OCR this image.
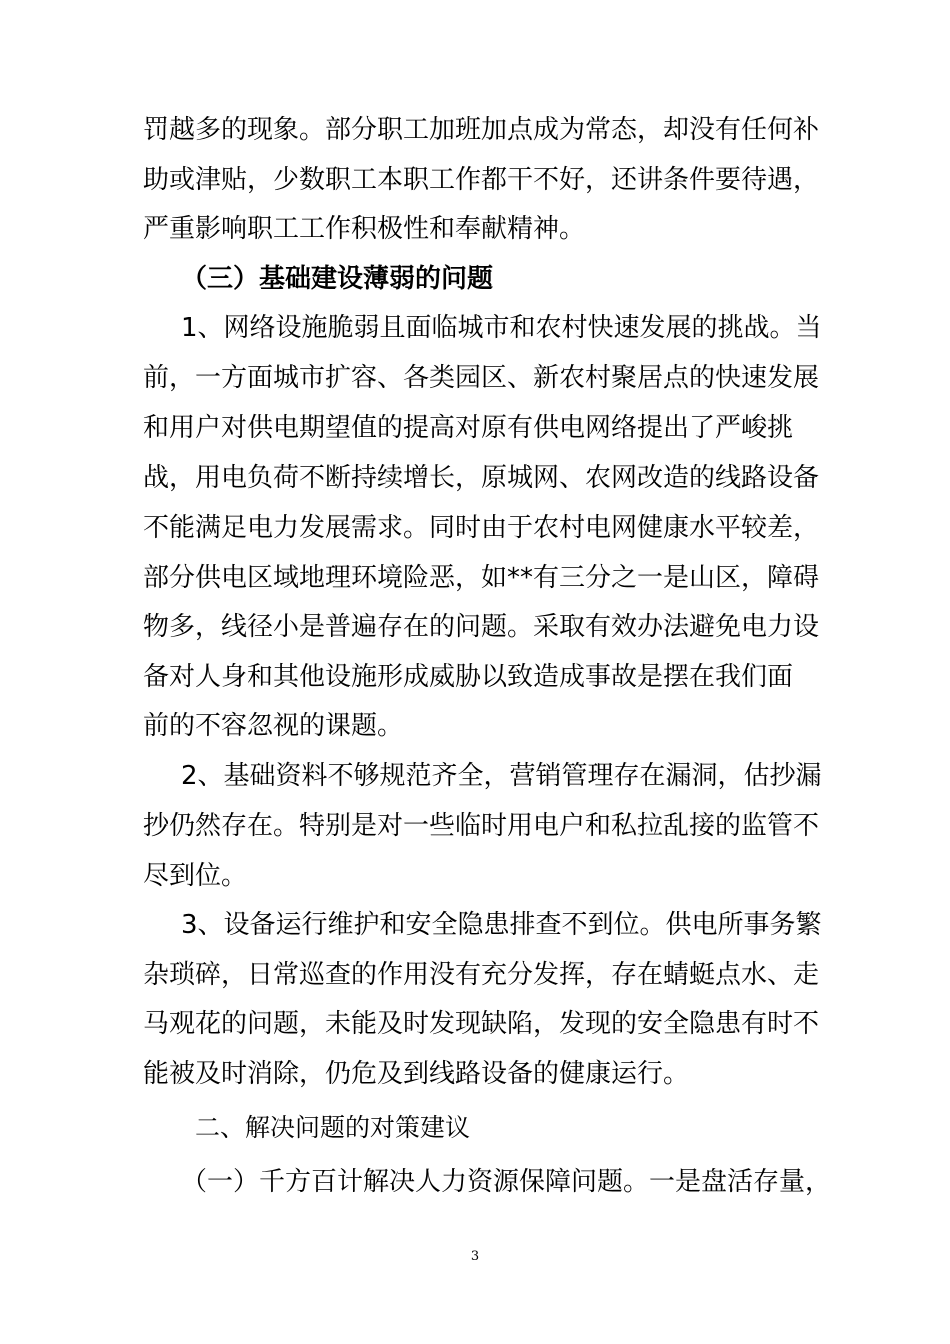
罚越多的现象。部分职工加班加点成为常态，却没有任何补
助或津贴，少数职工本职工作都干不好，还讲条件要待遇，
严重影响职工工作积极性和奉献精神。
（三）基础建设薄弱的问题
1、网络设施脆弱且面临城市和农村快速发展的挑战。当
前，一方面城市扩容、各类园区、新农村聚居点的快速发展
和用户对供电期望值的提高对原有供电网络提出了严峻挑
战，用电负荷不断持续增长，原城网、农网改造的线路设备
不能满足电力发展需求。同时由于农村电网健康水平较差，
部分供电区域地理环境险恶，如**有三分之一是山区，障碍
物多，线径小是普遍存在的问题。采取有效办法避免电力设
备对人身和其他设施形成威胁以致造成事故是摆在我们面
前的不容忽视的课题。
2、基础资料不够规范齐全，营销管理存在漏洞，估抄漏
抄仍然存在。特别是对一些临时用电户和私拉乱接的监管不
尽到位。
3、设备运行维护和安全隐患排查不到位。供电所事务繁
杂琐碎，日常巡查的作用没有充分发挥，存在蜻蜓点水、走
马观花的问题，未能及时发现缺陷，发现的安全隐患有时不
能被及时消除，仍危及到线路设备的健康运行。
二、解决问题的对策建议
（一）千方百计解决人力资源保障问题。一是盘活存量，
3
